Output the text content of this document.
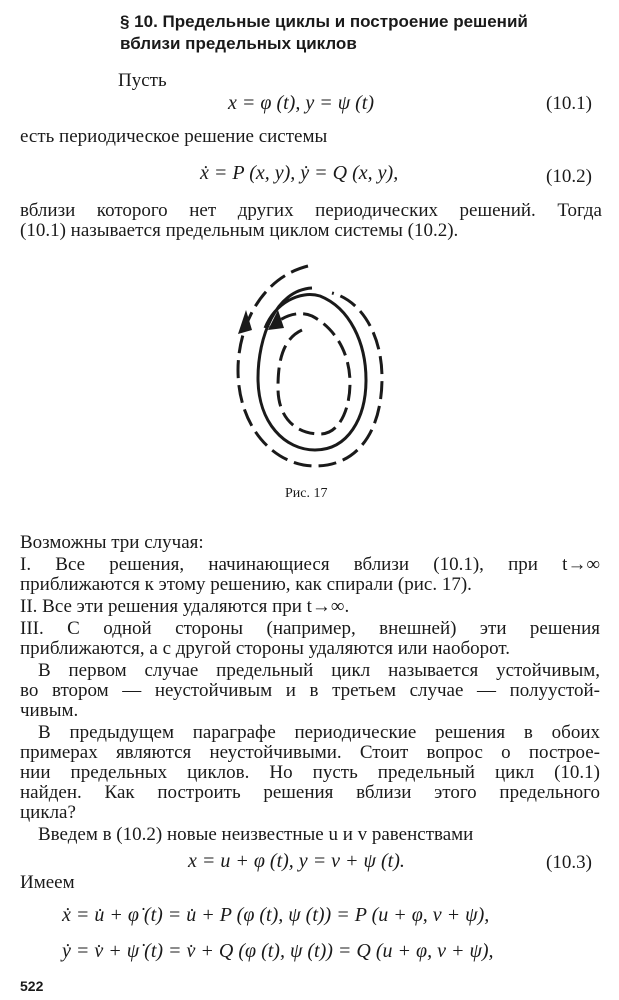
§ 10. Предельные циклы и построение решений
вблизи предельных циклов
Пусть
x = φ (t), y = ψ (t)	(10.1)
есть периодическое решение системы
ẋ = P (x, y), ẏ = Q (x, y),	(10.2)
вблизи которого нет других периодических решений. Тогда
(10.1) называется предельным циклом системы (10.2).
Рис. 17
Возможны три случая:
I. Все решения, начинающиеся вблизи (10.1), при t→∞
приближаются к этому решению, как спирали (рис. 17).
II. Все эти решения удаляются при t→∞.
III. С одной стороны (например, внешней) эти решения
приближаются, а с другой стороны удаляются или наоборот.
В первом случае предельный цикл называется устойчивым,
во втором — неустойчивым и в третьем случае — полуустой-
чивым.
В предыдущем параграфе периодические решения в обоих
примерах являются неустойчивыми. Стоит вопрос о построе-
нии предельных циклов. Но пусть предельный цикл (10.1)
найден. Как построить решения вблизи этого предельного
цикла?
Введем в (10.2) новые неизвестные u и v равенствами
x = u + φ (t), y = v + ψ (t).	(10.3)
Имеем
ẋ = u̇ + φ̇ (t) = u̇ + P (φ (t), ψ (t)) = P (u + φ, v + ψ),
ẏ = v̇ + ψ̇ (t) = v̇ + Q (φ (t), ψ (t)) = Q (u + φ, v + ψ),
522
